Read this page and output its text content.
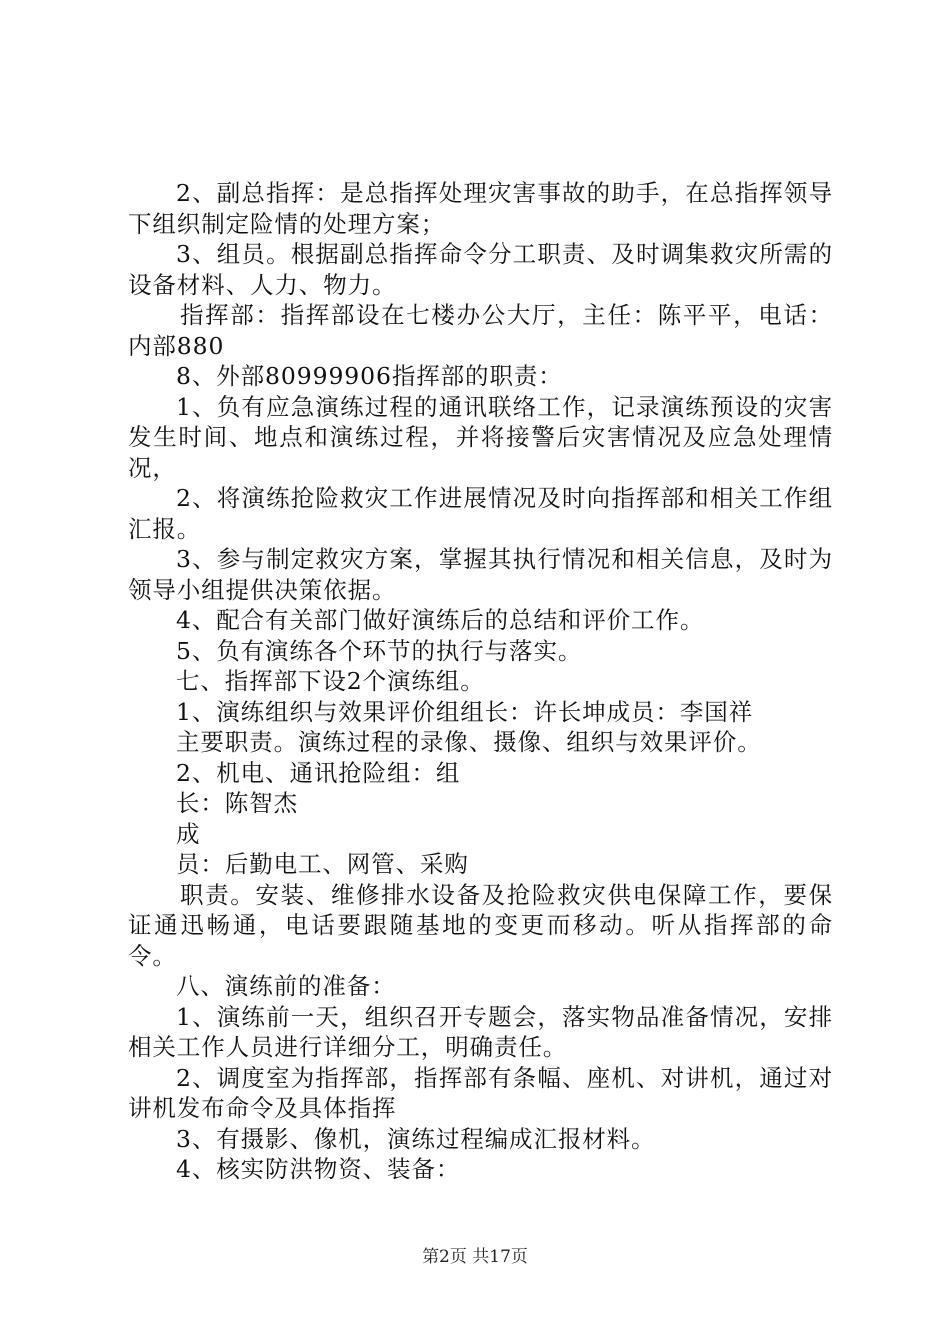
2、副总指挥：是总指挥处理灾害事故的助手，在总指挥领导下组织制定险情的处理方案；

3、组员。根据副总指挥命令分工职责、及时调集救灾所需的设备材料、人力、物力。

指挥部：指挥部设在七楼办公大厅，主任：陈平平，电话：内部880

8、外部80999906指挥部的职责：

1、负有应急演练过程的通讯联络工作，记录演练预设的灾害发生时间、地点和演练过程，并将接警后灾害情况及应急处理情况，

2、将演练抢险救灾工作进展情况及时向指挥部和相关工作组汇报。

3、参与制定救灾方案，掌握其执行情况和相关信息，及时为领导小组提供决策依据。

4、配合有关部门做好演练后的总结和评价工作。

5、负有演练各个环节的执行与落实。

七、指挥部下设2个演练组。

1、演练组织与效果评价组组长：许长坤成员：李国祥

主要职责。演练过程的录像、摄像、组织与效果评价。

2、机电、通讯抢险组：组

长：陈智杰

成

员：后勤电工、网管、采购

职责。安装、维修排水设备及抢险救灾供电保障工作，要保证通迅畅通，电话要跟随基地的变更而移动。听从指挥部的命令。

八、演练前的准备：

1、演练前一天，组织召开专题会，落实物品准备情况，安排相关工作人员进行详细分工，明确责任。

2、调度室为指挥部，指挥部有条幅、座机、对讲机，通过对讲机发布命令及具体指挥

3、有摄影、像机，演练过程编成汇报材料。

4、核实防洪物资、装备：

第2页 共17页
